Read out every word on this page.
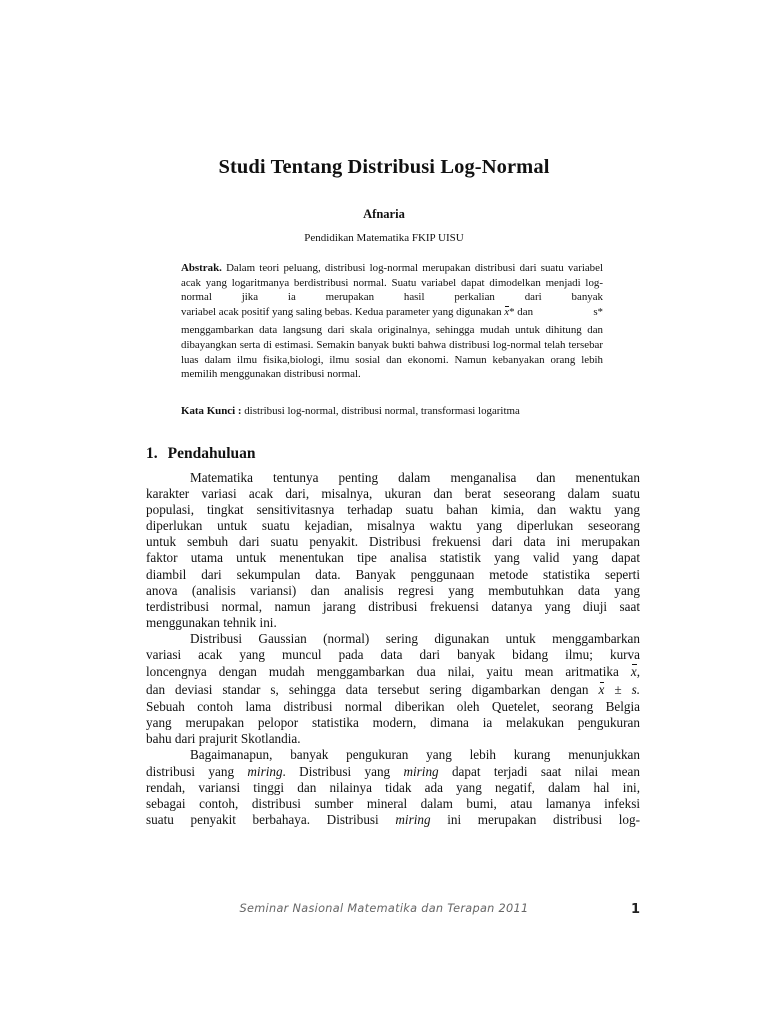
Studi Tentang Distribusi Log-Normal
Afnaria
Pendidikan Matematika FKIP UISU
Abstrak. Dalam teori peluang, distribusi log-normal merupakan distribusi dari suatu variabel acak yang logaritmanya berdistribusi normal. Suatu variabel dapat dimodelkan menjadi log-normal jika ia merupakan hasil perkalian dari banyak variabel acak positif yang saling bebas. Kedua parameter yang digunakan x* dan	s* menggambarkan data langsung dari skala originalnya, sehingga mudah untuk dihitung dan dibayangkan serta di estimasi. Semakin banyak bukti bahwa distribusi log-normal telah tersebar luas dalam ilmu fisika,biologi, ilmu sosial dan ekonomi. Namun kebanyakan orang lebih memilih menggunakan distribusi normal.
Kata Kunci : distribusi log-normal, distribusi normal, transformasi logaritma
1. Pendahuluan
Matematika tentunya penting dalam menganalisa dan menentukan
karakter variasi acak dari, misalnya, ukuran dan berat seseorang dalam suatu
populasi, tingkat sensitivitasnya terhadap suatu bahan kimia, dan waktu yang
diperlukan untuk suatu kejadian, misalnya waktu yang diperlukan seseorang
untuk sembuh dari suatu penyakit. Distribusi frekuensi dari data ini merupakan
faktor utama untuk menentukan tipe analisa statistik yang valid yang dapat
diambil dari sekumpulan data. Banyak penggunaan metode statistika seperti
anova (analisis variansi) dan analisis regresi yang membutuhkan data yang
terdistribusi normal, namun jarang distribusi frekuensi datanya yang diuji saat
menggunakan tehnik ini.
Distribusi Gaussian (normal) sering digunakan untuk menggambarkan
variasi acak yang muncul pada data dari banyak bidang ilmu; kurva
loncengnya dengan mudah menggambarkan dua nilai, yaitu mean aritmatika x,
dan deviasi standar s, sehingga data tersebut sering digambarkan dengan x ± s.
Sebuah contoh lama distribusi normal diberikan oleh Quetelet, seorang Belgia
yang merupakan pelopor statistika modern, dimana ia melakukan pengukuran
bahu dari prajurit Skotlandia.
Bagaimanapun, banyak pengukuran yang lebih kurang menunjukkan
distribusi yang miring. Distribusi yang miring dapat terjadi saat nilai mean
rendah, variansi tinggi dan nilainya tidak ada yang negatif, dalam hal ini,
sebagai contoh, distribusi sumber mineral dalam bumi, atau lamanya infeksi
suatu penyakit berbahaya. Distribusi miring ini merupakan distribusi log-
Seminar Nasional Matematika dan Terapan 2011	1
